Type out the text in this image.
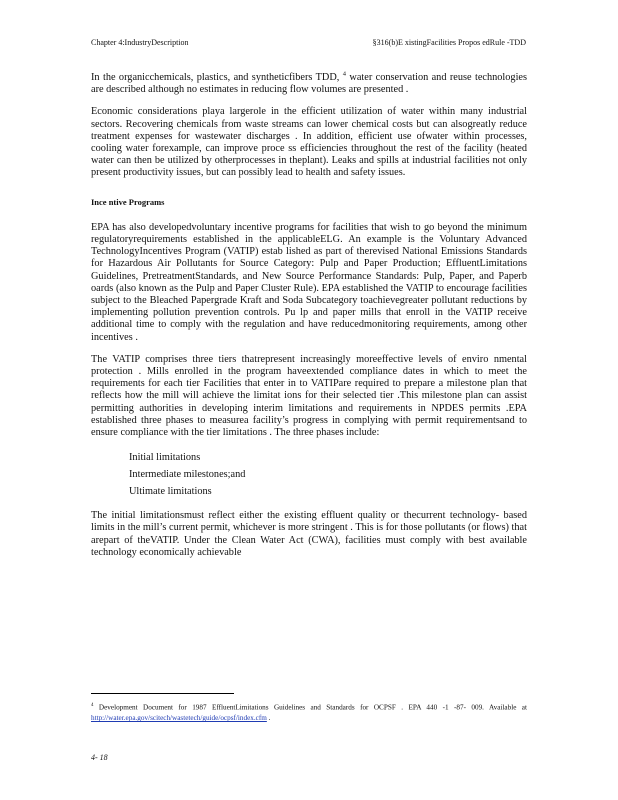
Chapter 4:IndustryDescription	§316(b)E xistingFacilities Propos edRule -TDD

In the organicchemicals, plastics, and syntheticfibers TDD, $^4$ water conservation and reuse technologies are described although no estimates in reducing flow volumes are presented .

Economic considerations playa largerole in the efficient utilization of water within many industrial sectors. Recovering chemicals from waste streams can lower chemical costs but can alsogreatly reduce treatment expenses for wastewater discharges . In addition, efficient use ofwater within processes, cooling water forexample, can improve proce ss efficiencies throughout the rest of the facility (heated water can then be utilized by otherprocesses in theplant). Leaks and spills at industrial facilities not only present productivity issues, but can possibly lead to health and safety issues.

Ince ntive Programs

EPA has also developedvoluntary incentive programs for facilities that wish to go beyond the minimum regulatoryrequirements established in the applicableELG. An example is the Voluntary Advanced TechnologyIncentives Program (VATIP) estab lished as part of therevised National Emissions Standards for Hazardous Air Pollutants for Source Category: Pulp and Paper Production; EffluentLimitations Guidelines, PretreatmentStandards, and New Source Performance Standards: Pulp, Paper, and Paperb oards (also known as the Pulp and Paper Cluster Rule). EPA established the VATIP to encourage facilities subject to the Bleached Papergrade Kraft and Soda Subcategory toachievegreater pollutant reductions by implementing pollution prevention controls. Pu lp and paper mills that enroll in the VATIP receive additional time to comply with the regulation and have reducedmonitoring requirements, among other incentives .

The VATIP comprises three tiers thatrepresent increasingly moreeffective levels of enviro nmental protection . Mills enrolled in the program haveextended compliance dates in which to meet the requirements for each tier Facilities that enter in to VATIPare required to prepare a milestone plan that reflects how the mill will achieve the limitat ions for their selected tier .This milestone plan can assist permitting authorities in developing interim limitations and requirements in NPDES permits .EPA established three phases to measurea facility’s progress in complying with permit requirementsand to ensure compliance with the tier limitations . The three phases include:

Initial limitations
Intermediate milestones;and
Ultimate limitations

The initial limitationsmust reflect either the existing effluent quality or thecurrent technology- based limits in the mill’s current permit, whichever is more stringent . This is for those pollutants (or flows) that arepart of theVATIP. Under the Clean Water Act (CWA), facilities must comply with best available technology economically achievable

$^4$ Development Document for 1987 EffluentLimitations Guidelines and Standards for OCPSF . EPA 440 -1 -87- 009. Available at http://water.epa.gov/scitech/wastetech/guide/ocpsf/index.cfm .
4- 18
